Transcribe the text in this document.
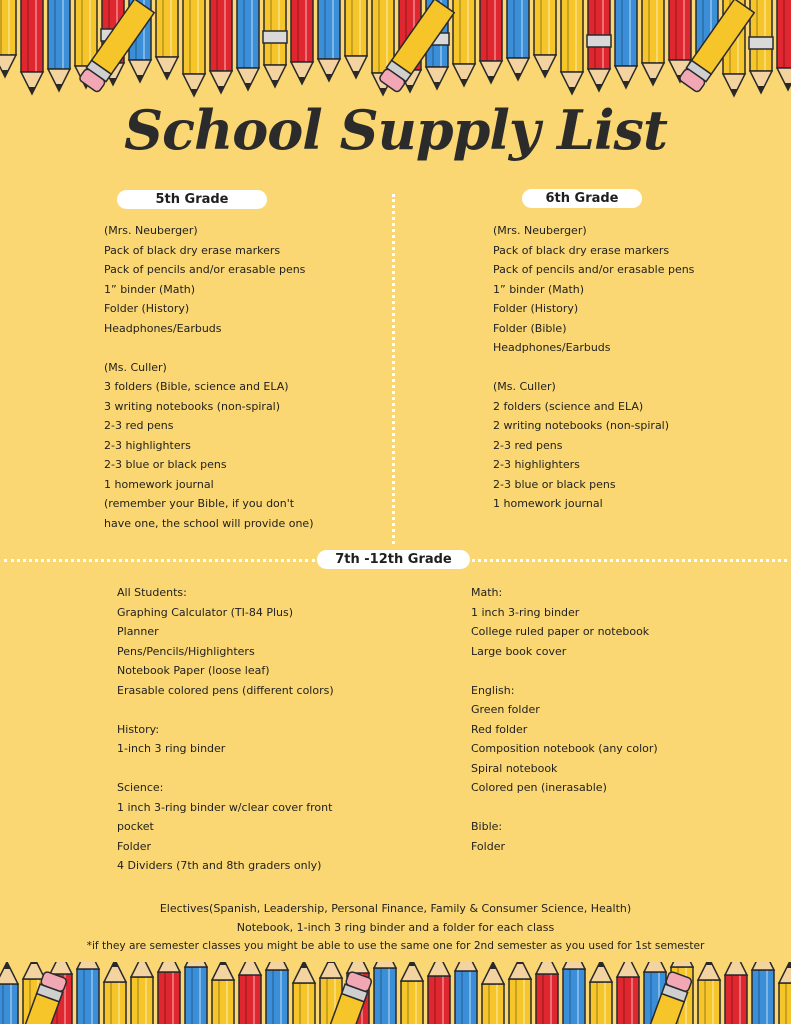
School Supply List
5th Grade	6th Grade
(Mrs. Neuberger)
Pack of black dry erase markers
Pack of pencils and/or erasable pens
1” binder (Math)
Folder (History)
Headphones/Earbuds
(Ms. Culler)
3 folders (Bible, science and ELA)
3 writing notebooks (non-spiral)
2-3 red pens
2-3 highlighters
2-3 blue or black pens
1 homework journal
(remember your Bible, if you don't
have one, the school will provide one)
(Mrs. Neuberger)
Pack of black dry erase markers
Pack of pencils and/or erasable pens
1” binder (Math)
Folder (History)
Folder (Bible)
Headphones/Earbuds
(Ms. Culler)
2 folders (science and ELA)
2 writing notebooks (non-spiral)
2-3 red pens
2-3 highlighters
2-3 blue or black pens
1 homework journal
7th -12th Grade
All Students:
Graphing Calculator (TI-84 Plus)
Planner
Pens/Pencils/Highlighters
Notebook Paper (loose leaf)
Erasable colored pens (different colors)
History:
1-inch 3 ring binder
Science:
1 inch 3-ring binder w/clear cover front
pocket
Folder
4 Dividers (7th and 8th graders only)
Math:
1 inch 3-ring binder
College ruled paper or notebook
Large book cover
English:
Green folder
Red folder
Composition notebook (any color)
Spiral notebook
Colored pen (inerasable)
Bible:
Folder
Electives(Spanish, Leadership, Personal Finance, Family & Consumer Science, Health)
Notebook, 1-inch 3 ring binder and a folder for each class
*if they are semester classes you might be able to use the same one for 2nd semester as you used for 1st semester
